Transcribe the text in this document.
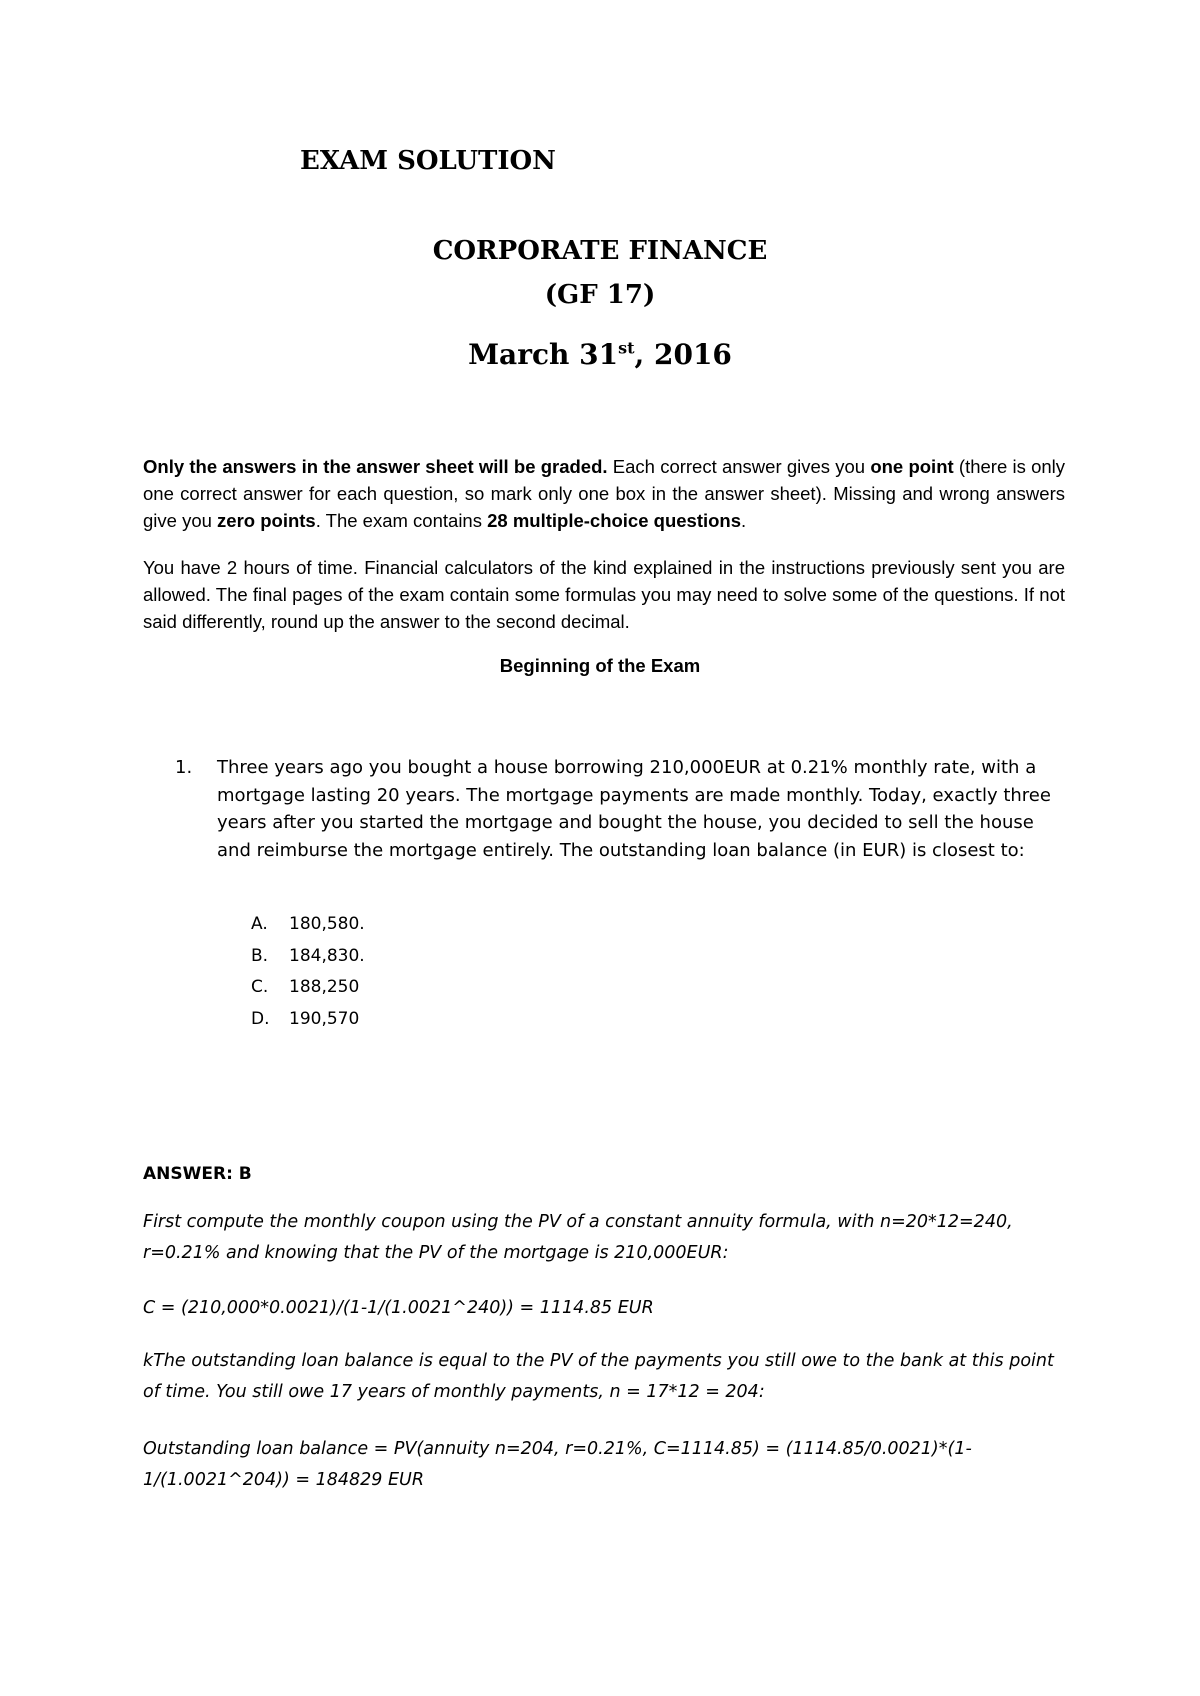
EXAM SOLUTION
CORPORATE FINANCE
(GF 17)
March 31st, 2016
Only the answers in the answer sheet will be graded. Each correct answer gives you one point (there is only one correct answer for each question, so mark only one box in the answer sheet). Missing and wrong answers give you zero points. The exam contains 28 multiple-choice questions.
You have 2 hours of time. Financial calculators of the kind explained in the instructions previously sent you are allowed. The final pages of the exam contain some formulas you may need to solve some of the questions. If not said differently, round up the answer to the second decimal.
Beginning of the Exam
1. Three years ago you bought a house borrowing 210,000EUR at 0.21% monthly rate, with a mortgage lasting 20 years. The mortgage payments are made monthly. Today, exactly three years after you started the mortgage and bought the house, you decided to sell the house and reimburse the mortgage entirely. The outstanding loan balance (in EUR) is closest to:
A. 180,580.
B. 184,830.
C. 188,250
D. 190,570
ANSWER: B
First compute the monthly coupon using the PV of a constant annuity formula, with n=20*12=240, r=0.21% and knowing that the PV of the mortgage is 210,000EUR:
C = (210,000*0.0021)/(1-1/(1.0021^240)) = 1114.85 EUR
kThe outstanding loan balance is equal to the PV of the payments you still owe to the bank at this point of time. You still owe 17 years of monthly payments, n = 17*12 = 204:
Outstanding loan balance = PV(annuity n=204, r=0.21%, C=1114.85) = (1114.85/0.0021)*(1-1/(1.0021^204)) = 184829 EUR
